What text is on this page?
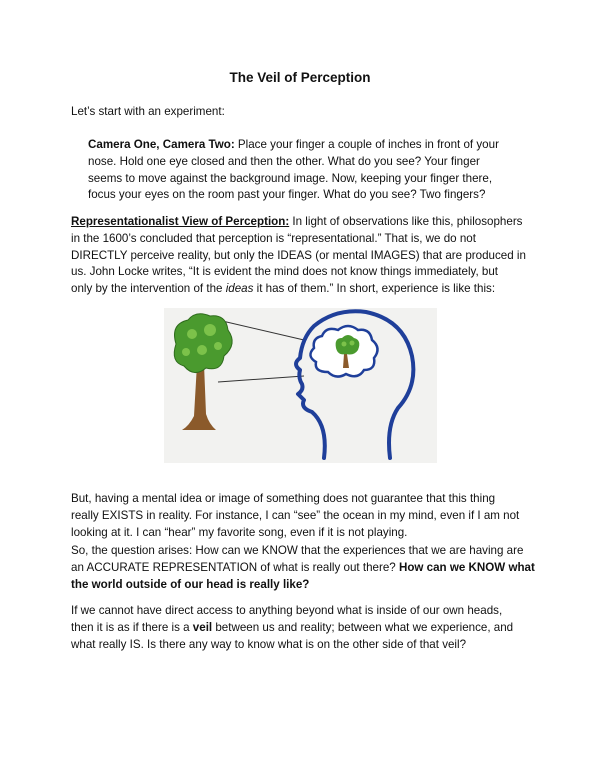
The Veil of Perception
Let’s start with an experiment:
Camera One, Camera Two: Place your finger a couple of inches in front of your
nose. Hold one eye closed and then the other. What do you see? Your finger
seems to move against the background image. Now, keeping your finger there,
focus your eyes on the room past your finger. What do you see? Two fingers?
Representationalist View of Perception: In light of observations like this, philosophers
in the 1600’s concluded that perception is “representational.” That is, we do not
DIRECTLY perceive reality, but only the IDEAS (or mental IMAGES) that are produced in
us. John Locke writes, “It is evident the mind does not know things immediately, but
only by the intervention of the ideas it has of them.” In short, experience is like this:
But, having a mental idea or image of something does not guarantee that this thing
really EXISTS in reality. For instance, I can “see” the ocean in my mind, even if I am not
looking at it. I can “hear” my favorite song, even if it is not playing.
So, the question arises: How can we KNOW that the experiences that we are having are
an ACCURATE REPRESENTATION of what is really out there? How can we KNOW what
the world outside of our head is really like?
If we cannot have direct access to anything beyond what is inside of our own heads,
then it is as if there is a veil between us and reality; between what we experience, and
what really IS. Is there any way to know what is on the other side of that veil?
